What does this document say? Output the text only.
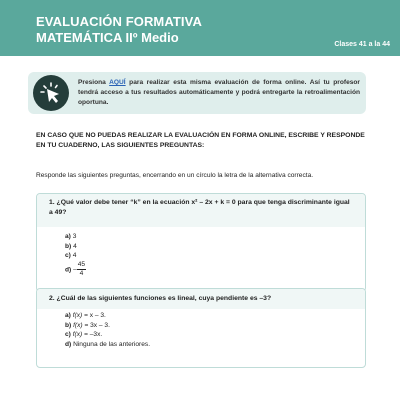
EVALUACIÓN FORMATIVA
MATEMÁTICA IIº Medio	Clases 41 a la 44
Presiona AQUÍ para realizar esta misma evaluación de forma online. Así tu profesor tendrá acceso a tus resultados automáticamente y podrá entregarte la retroalimentación oportuna.
EN CASO QUE NO PUEDAS REALIZAR LA EVALUACIÓN EN FORMA ONLINE, ESCRIBE Y RESPONDE EN TU CUADERNO, LAS SIGUIENTES PREGUNTAS:
Responde las siguientes preguntas, encerrando en un círculo la letra de la alternativa correcta.
1. ¿Qué valor debe tener “k” en la ecuación x² – 2x + k = 0 para que tenga discriminante igual a 49?
a) 3
b) 4
c) 4
$d) - \frac{45}{4}$
2. ¿Cuál de las siguientes funciones es lineal, cuya pendiente es –3?
a) f(x) = x – 3.
b) f(x) = 3x – 3.
c) f(x) = –3x.
d) Ninguna de las anteriores.
